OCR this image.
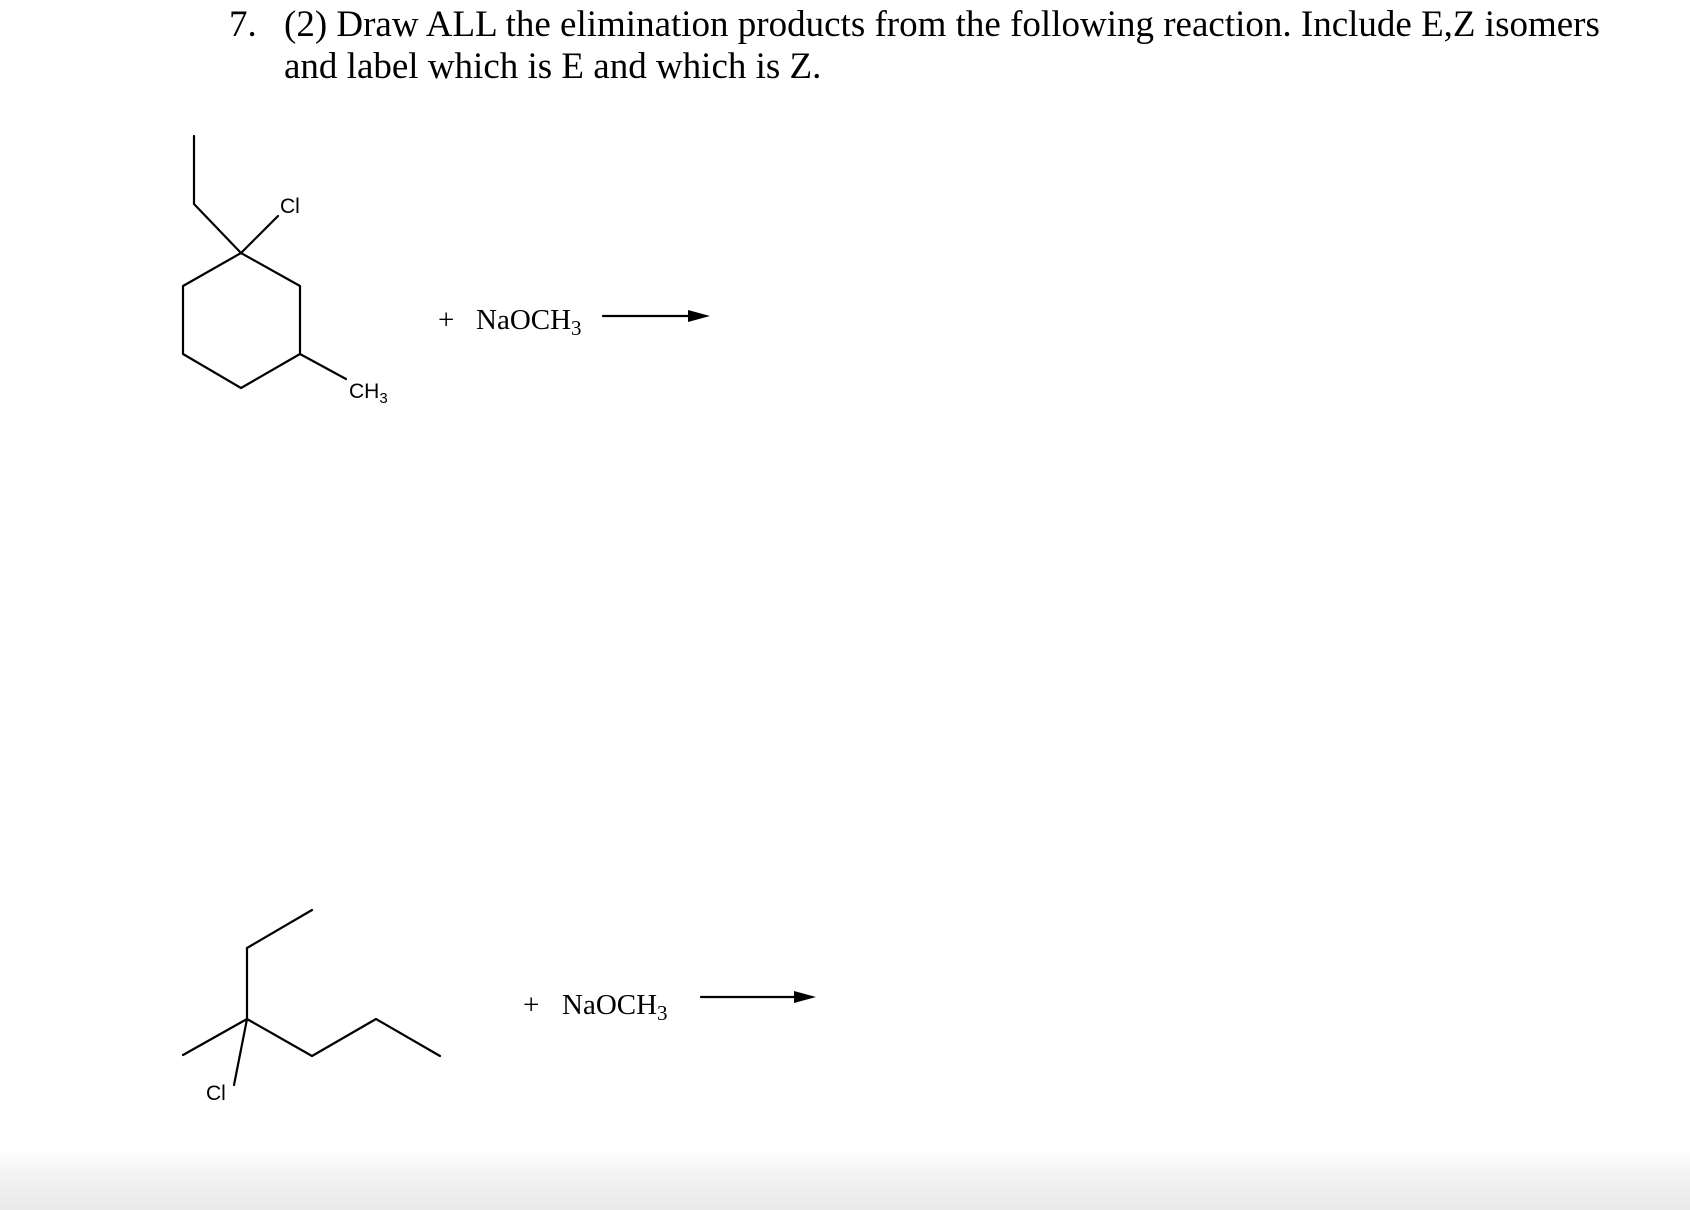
7. (2) Draw ALL the elimination products from the following reaction. Include E,Z isomers and label which is E and which is Z.

Cl
$CH_3$
+ NaOCH$_3$
Cl
+ NaOCH$_3$
